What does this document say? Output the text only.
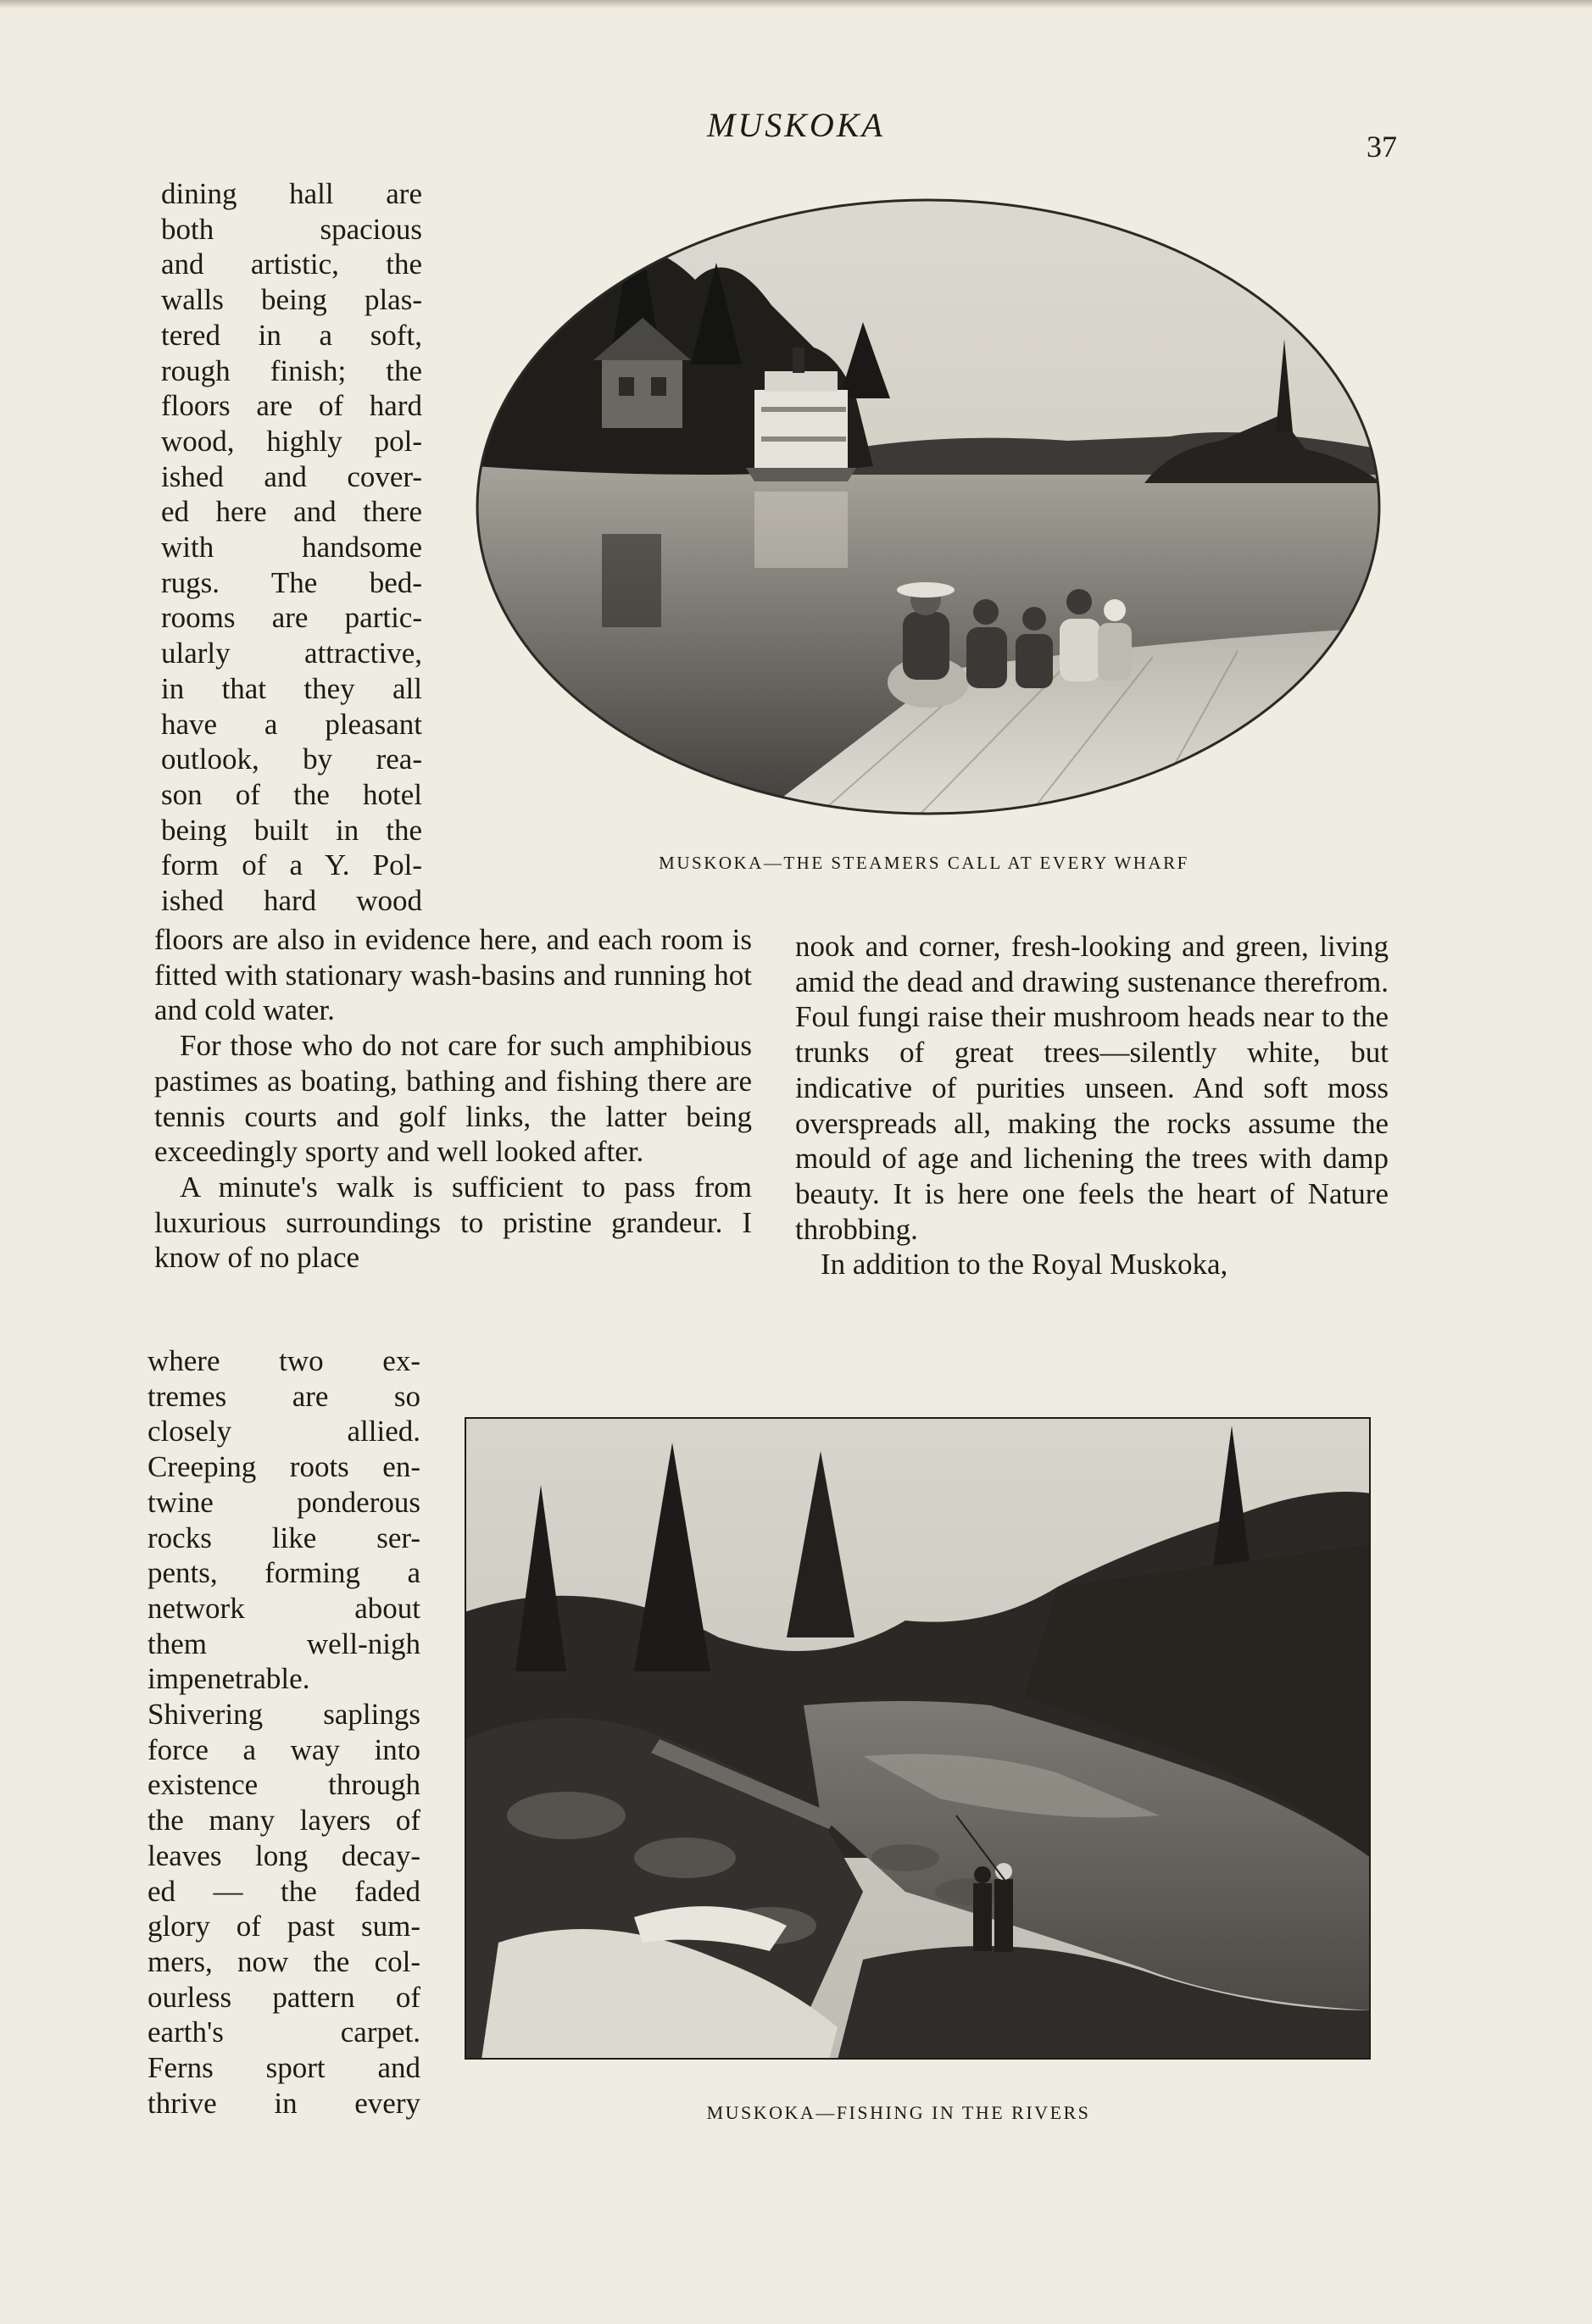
MUSKOKA
37
dining hall are
both spacious
and artistic, the
walls being plas-
tered in a soft,
rough finish; the
floors are of hard
wood, highly pol-
ished and cover-
ed here and there
with handsome
rugs. The bed-
rooms are partic-
ularly attractive,
in that they all
have a pleasant
outlook, by rea-
son of the hotel
being built in the
form of a Y. Pol-
ished hard wood
MUSKOKA—THE STEAMERS CALL AT EVERY WHARF

floors are also in evidence here, and each room is fitted with stationary wash-basins and running hot and cold water.

For those who do not care for such amphibious pastimes as boating, bathing and fishing there are tennis courts and golf links, the latter being exceedingly sporty and well looked after.

A minute's walk is sufficient to pass from luxurious surroundings to pristine grandeur. I know of no place

nook and corner, fresh-looking and green, living amid the dead and drawing sustenance therefrom. Foul fungi raise their mushroom heads near to the trunks of great trees—silently white, but indicative of purities unseen. And soft moss overspreads all, making the rocks assume the mould of age and lichening the trees with damp beauty. It is here one feels the heart of Nature throbbing.

In addition to the Royal Muskoka,

where two ex-
tremes are so
closely allied.
Creeping roots en-
twine ponderous
rocks like ser-
pents, forming a
network about
them well-nigh
impenetrable.
Shivering saplings
force a way into
existence through
the many layers of
leaves long decay-
ed — the faded
glory of past sum-
mers, now the col-
ourless pattern of
earth's carpet.
Ferns sport and
thrive in every	MUSKOKA—FISHING IN THE RIVERS
